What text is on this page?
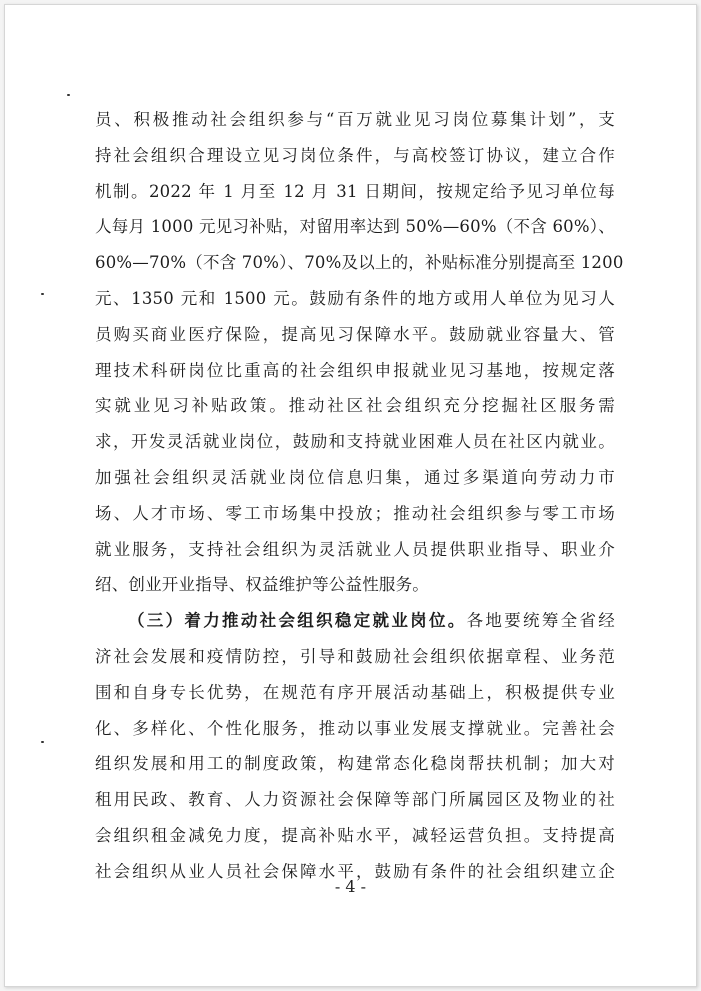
员、积极推动社会组织参与“百万就业见习岗位募集计划”，支
持社会组织合理设立见习岗位条件，与高校签订协议，建立合作
机制。2022 年 1 月至 12 月 31 日期间，按规定给予见习单位每
人每月 1000 元见习补贴，对留用率达到 50%—60%（不含 60%）、
60%—70%（不含 70%）、70%及以上的，补贴标准分别提高至 1200
元、1350 元和 1500 元。鼓励有条件的地方或用人单位为见习人
员购买商业医疗保险，提高见习保障水平。鼓励就业容量大、管
理技术科研岗位比重高的社会组织申报就业见习基地，按规定落
实就业见习补贴政策。推动社区社会组织充分挖掘社区服务需
求，开发灵活就业岗位，鼓励和支持就业困难人员在社区内就业。
加强社会组织灵活就业岗位信息归集，通过多渠道向劳动力市
场、人才市场、零工市场集中投放；推动社会组织参与零工市场
就业服务，支持社会组织为灵活就业人员提供职业指导、职业介
绍、创业开业指导、权益维护等公益性服务。
（三）着力推动社会组织稳定就业岗位。各地要统筹全省经
济社会发展和疫情防控，引导和鼓励社会组织依据章程、业务范
围和自身专长优势，在规范有序开展活动基础上，积极提供专业
化、多样化、个性化服务，推动以事业发展支撑就业。完善社会
组织发展和用工的制度政策，构建常态化稳岗帮扶机制；加大对
租用民政、教育、人力资源社会保障等部门所属园区及物业的社
会组织租金减免力度，提高补贴水平，减轻运营负担。支持提高
社会组织从业人员社会保障水平，鼓励有条件的社会组织建立企
- 4 -
